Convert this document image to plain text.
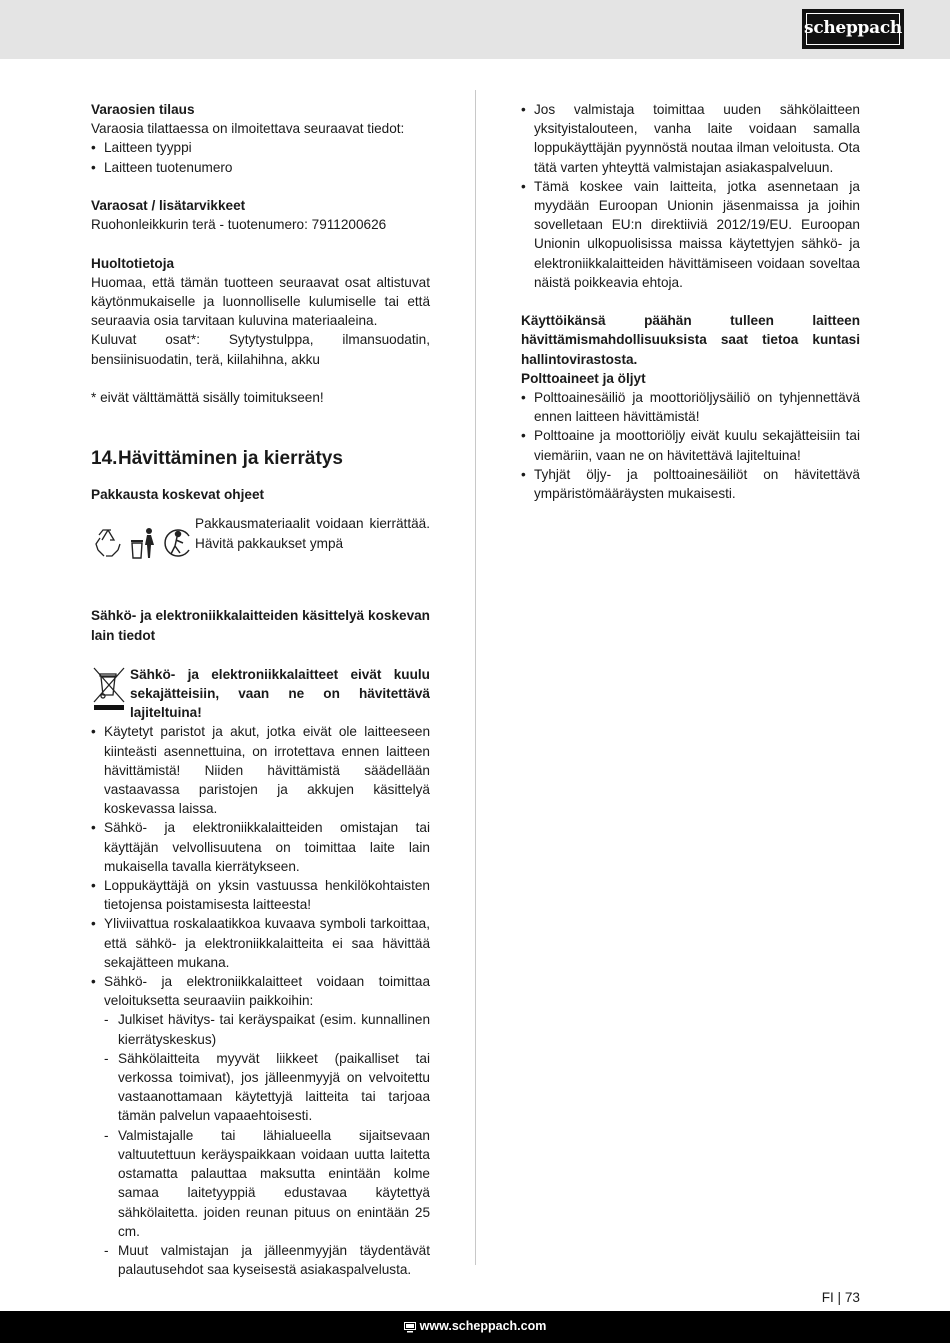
scheppach

Varaosien tilaus

Varaosia tilattaessa on ilmoitettava seuraavat tiedot:

• Laitteen tyyppi
• Laitteen tuotenumero

Varaosat / lisätarvikkeet

Ruohonleikkurin terä - tuotenumero: 7911200626

Huoltotietoja

Huomaa, että tämän tuotteen seuraavat osat altistuvat käytönmukaiselle ja luonnolliselle kulumiselle tai että seuraavia osia tarvitaan kuluvina materiaaleina.

Kuluvat osat*: Sytytystulppa, ilmansuodatin, bensiinisuodatin, terä, kiilahihna, akku

* eivät välttämättä sisälly toimitukseen!

14. Hävittäminen ja kierrätys

Pakkausta koskevat ohjeet

Pakkausmateriaalit voidaan kierrättää. Hävitä pakkaukset ympä

Sähkö- ja elektroniikkalaitteiden käsittelyä koskevan lain tiedot

Sähkö- ja elektroniikkalaitteet eivät kuulu sekajätteisiin, vaan ne on hävitettävä lajiteltuina!

• Käytetyt paristot ja akut, jotka eivät ole laitteeseen kiinteästi asennettuina, on irrotettava ennen laitteen hävittämistä! Niiden hävittämistä säädellään vastaavassa paristojen ja akkujen käsittelyä koskevassa laissa.
• Sähkö- ja elektroniikkalaitteiden omistajan tai käyttäjän velvollisuutena on toimittaa laite lain mukaisella tavalla kierrätykseen.
• Loppukäyttäjä on yksin vastuussa henkilökohtaisten tietojensa poistamisesta laitteesta!
• Yliviivattua roskalaatikkoa kuvaava symboli tarkoittaa, että sähkö- ja elektroniikkalaitteita ei saa hävittää sekajätteen mukana.
• Sähkö- ja elektroniikkalaitteet voidaan toimittaa veloituksetta seuraaviin paikkoihin:
- Julkiset hävitys- tai keräyspaikat (esim. kunnallinen kierrätyskeskus)
- Sähkölaitteita myyvät liikkeet (paikalliset tai verkossa toimivat), jos jälleenmyyjä on velvoitettu vastaanottamaan käytettyjä laitteita tai tarjoaa tämän palvelun vapaaehtoisesti.
- Valmistajalle tai lähialueella sijaitsevaan valtuutettuun keräyspaikkaan voidaan uutta laitetta ostamatta palauttaa maksutta enintään kolme samaa laitetyyppiä edustavaa käytettyä sähkölaitetta. joiden reunan pituus on enintään 25 cm.
- Muut valmistajan ja jälleenmyyjän täydentävät palautusehdot saa kyseisestä asiakaspalvelusta.
• Jos valmistaja toimittaa uuden sähkölaitteen yksityistalouteen, vanha laite voidaan samalla loppukäyttäjän pyynnöstä noutaa ilman veloitusta. Ota tätä varten yhteyttä valmistajan asiakaspalveluun.
• Tämä koskee vain laitteita, jotka asennetaan ja myydään Euroopan Unionin jäsenmaissa ja joihin sovelletaan EU:n direktiiviä 2012/19/EU. Euroopan Unionin ulkopuolisissa maissa käytettyjen sähkö- ja elektroniikkalaitteiden hävittämiseen voidaan soveltaa näistä poikkeavia ehtoja.

Käyttöikänsä päähän tulleen laitteen hävittämismahdollisuuksista saat tietoa kuntasi hallintovirastosta.

Polttoaineet ja öljyt

• Polttoainesäiliö ja moottoriöljysäiliö on tyhjennettävä ennen laitteen hävittämistä!
• Polttoaine ja moottoriöljy eivät kuulu sekajätteisiin tai viemäriin, vaan ne on hävitettävä lajiteltuina!
• Tyhjät öljy- ja polttoainesäiliöt on hävitettävä ympäristömääräysten mukaisesti.
FI | 73
www.scheppach.com
